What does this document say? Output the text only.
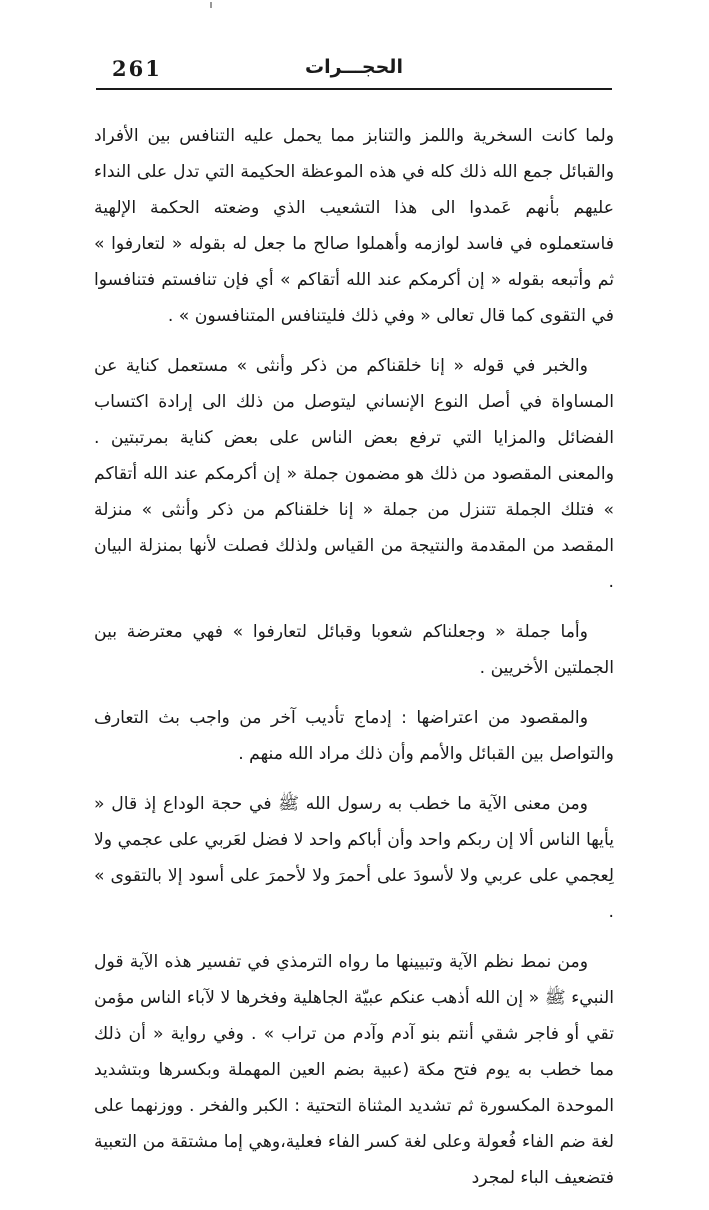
261	الحجـــرات

ولما كانت السخرية واللمز والتنابز مما يحمل عليه التنافس بين الأفراد والقبائل جمع الله ذلك كله في هذه الموعظة الحكيمة التي تدل على النداء عليهم بأنهم عَمدوا الى هذا التشعيب الذي وضعته الحكمة الإلهية فاستعملوه في فاسد لوازمه وأهملوا صالح ما جعل له بقوله « لتعارفوا » ثم وأتبعه بقوله « إن أكرمكم عند الله أتقاكم » أي فإن تنافستم فتنافسوا في التقوى كما قال تعالى « وفي ذلك فليتنافس المتنافسون » .

والخبر في قوله « إنا خلقناكم من ذكر وأنثى » مستعمل كناية عن المساواة في أصل النوع الإنساني ليتوصل من ذلك الى إرادة اكتساب الفضائل والمزايا التي ترفع بعض الناس على بعض كناية بمرتبتين . والمعنى المقصود من ذلك هو مضمون جملة « إن أكرمكم عند الله أتقاكم » فتلك الجملة تتنزل من جملة « إنا خلقناكم من ذكر وأنثى » منزلة المقصد من المقدمة والنتيجة من القياس ولذلك فصلت لأنها بمنزلة البيان .

وأما جملة « وجعلناكم شعوبا وقبائل لتعارفوا » فهي معترضة بين الجملتين الأخريين .

والمقصود من اعتراضها : إدماج تأديب آخر من واجب بث التعارف والتواصل بين القبائل والأمم وأن ذلك مراد الله منهم .

ومن معنى الآية ما خطب به رسول الله ﷺ في حجة الوداع إذ قال « يأيها الناس ألا إن ربكم واحد وأن أباكم واحد لا فضل لعَربي على عجمي ولا لِعجمي على عربي ولا لأسودَ على أحمرَ ولا لأحمرَ على أسود إلا بالتقوى » .

ومن نمط نظم الآية وتبيينها ما رواه الترمذي في تفسير هذه الآية قول النبيء ﷺ « إن الله أذهب عنكم عبيّة الجاهلية وفخرها لا لآباء الناس مؤمن تقي أو فاجر شقي أنتم بنو آدم وآدم من تراب » . وفي رواية « أن ذلك مما خطب به يوم فتح مكة (عبية بضم العين المهملة وبكسرها وبتشديد الموحدة المكسورة ثم تشديد المثناة التحتية : الكبر والفخر . ووزنهما على لغة ضم الفاء فُعولة وعلى لغة كسر الفاء فعلية،وهي إما مشتقة من التعبية فتضعيف الباء لمجرد
